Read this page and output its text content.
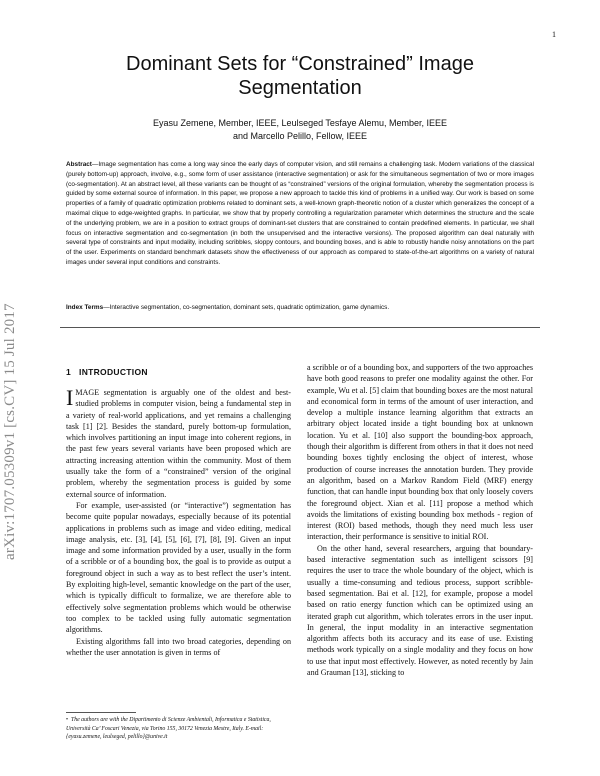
1
arXiv:1707.05309v1 [cs.CV] 15 Jul 2017
Dominant Sets for “Constrained” Image Segmentation
Eyasu Zemene, Member, IEEE, Leulseged Tesfaye Alemu, Member, IEEE
and Marcello Pelillo, Fellow, IEEE

Abstract—Image segmentation has come a long way since the early days of computer vision, and still remains a challenging task. Modern variations of the classical (purely bottom-up) approach, involve, e.g., some form of user assistance (interactive segmentation) or ask for the simultaneous segmentation of two or more images (co-segmentation). At an abstract level, all these variants can be thought of as “constrained” versions of the original formulation, whereby the segmentation process is guided by some external source of information. In this paper, we propose a new approach to tackle this kind of problems in a unified way. Our work is based on some properties of a family of quadratic optimization problems related to dominant sets, a well-known graph-theoretic notion of a cluster which generalizes the concept of a maximal clique to edge-weighted graphs. In particular, we show that by properly controlling a regularization parameter which determines the structure and the scale of the underlying problem, we are in a position to extract groups of dominant-set clusters that are constrained to contain predefined elements. In particular, we shall focus on interactive segmentation and co-segmentation (in both the unsupervised and the interactive versions). The proposed algorithm can deal naturally with several type of constraints and input modality, including scribbles, sloppy contours, and bounding boxes, and is able to robustly handle noisy annotations on the part of the user. Experiments on standard benchmark datasets show the effectiveness of our approach as compared to state-of-the-art algorithms on a variety of natural images under several input conditions and constraints.

Index Terms—Interactive segmentation, co-segmentation, dominant sets, quadratic optimization, game dynamics.

1 INTRODUCTION

IMAGE segmentation is arguably one of the oldest and best-studied problems in computer vision, being a fundamental step in a variety of real-world applications, and yet remains a challenging task [1] [2]. Besides the standard, purely bottom-up formulation, which involves partitioning an input image into coherent regions, in the past few years several variants have been proposed which are attracting increasing attention within the community. Most of them usually take the form of a “constrained” version of the original problem, whereby the segmentation process is guided by some external source of information.

For example, user-assisted (or “interactive”) segmentation has become quite popular nowadays, especially because of its potential applications in problems such as image and video editing, medical image analysis, etc. [3], [4], [5], [6], [7], [8], [9]. Given an input image and some information provided by a user, usually in the form of a scribble or of a bounding box, the goal is to provide as output a foreground object in such a way as to best reflect the user’s intent. By exploiting high-level, semantic knowledge on the part of the user, which is typically difficult to formalize, we are therefore able to effectively solve segmentation problems which would be otherwise too complex to be tackled using fully automatic segmentation algorithms.

Existing algorithms fall into two broad categories, depending on whether the user annotation is given in terms of

• The authors are with the Dipartimento di Scienze Ambientali, Informatica e Statistica, Università Ca’ Foscari Venezia, via Torino 155, 30172 Venezia Mestre, Italy. E-mail: {eyasu.zemene, leulseged, pelillo}@unive.it

a scribble or of a bounding box, and supporters of the two approaches have both good reasons to prefer one modality against the other. For example, Wu et al. [5] claim that bounding boxes are the most natural and economical form in terms of the amount of user interaction, and develop a multiple instance learning algorithm that extracts an arbitrary object located inside a tight bounding box at unknown location. Yu et al. [10] also support the bounding-box approach, though their algorithm is different from others in that it does not need bounding boxes tightly enclosing the object of interest, whose production of course increases the annotation burden. They provide an algorithm, based on a Markov Random Field (MRF) energy function, that can handle input bounding box that only loosely covers the foreground object. Xian et al. [11] propose a method which avoids the limitations of existing bounding box methods - region of interest (ROI) based methods, though they need much less user interaction, their performance is sensitive to initial ROI.

On the other hand, several researchers, arguing that boundary-based interactive segmentation such as intelligent scissors [9] requires the user to trace the whole boundary of the object, which is usually a time-consuming and tedious process, support scribble-based segmentation. Bai et al. [12], for example, propose a model based on ratio energy function which can be optimized using an iterated graph cut algorithm, which tolerates errors in the user input. In general, the input modality in an interactive segmentation algorithm affects both its accuracy and its ease of use. Existing methods work typically on a single modality and they focus on how to use that input most effectively. However, as noted recently by Jain and Grauman [13], sticking to
